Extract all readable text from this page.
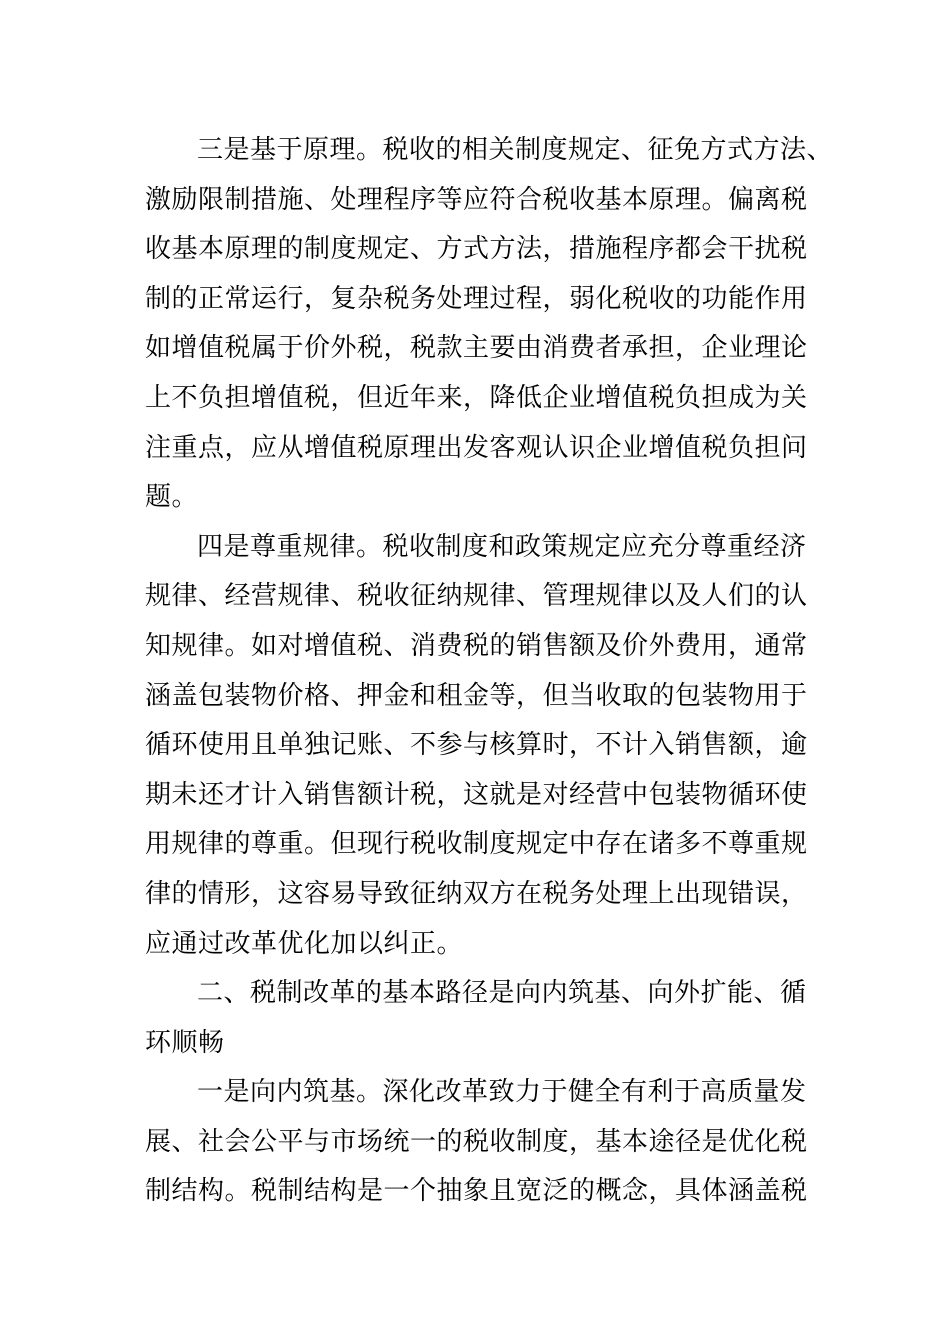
三是基于原理。税收的相关制度规定、征免方式方法、
激励限制措施、处理程序等应符合税收基本原理。偏离税
收基本原理的制度规定、方式方法，措施程序都会干扰税
制的正常运行，复杂税务处理过程，弱化税收的功能作用
如增值税属于价外税，税款主要由消费者承担，企业理论
上不负担增值税，但近年来，降低企业增值税负担成为关
注重点，应从增值税原理出发客观认识企业增值税负担问
题。
四是尊重规律。税收制度和政策规定应充分尊重经济
规律、经营规律、税收征纳规律、管理规律以及人们的认
知规律。如对增值税、消费税的销售额及价外费用，通常
涵盖包装物价格、押金和租金等，但当收取的包装物用于
循环使用且单独记账、不参与核算时，不计入销售额，逾
期未还才计入销售额计税，这就是对经营中包装物循环使
用规律的尊重。但现行税收制度规定中存在诸多不尊重规
律的情形，这容易导致征纳双方在税务处理上出现错误，
应通过改革优化加以纠正。
二、税制改革的基本路径是向内筑基、向外扩能、循
环顺畅
一是向内筑基。深化改革致力于健全有利于高质量发
展、社会公平与市场统一的税收制度，基本途径是优化税
制结构。税制结构是一个抽象且宽泛的概念，具体涵盖税
